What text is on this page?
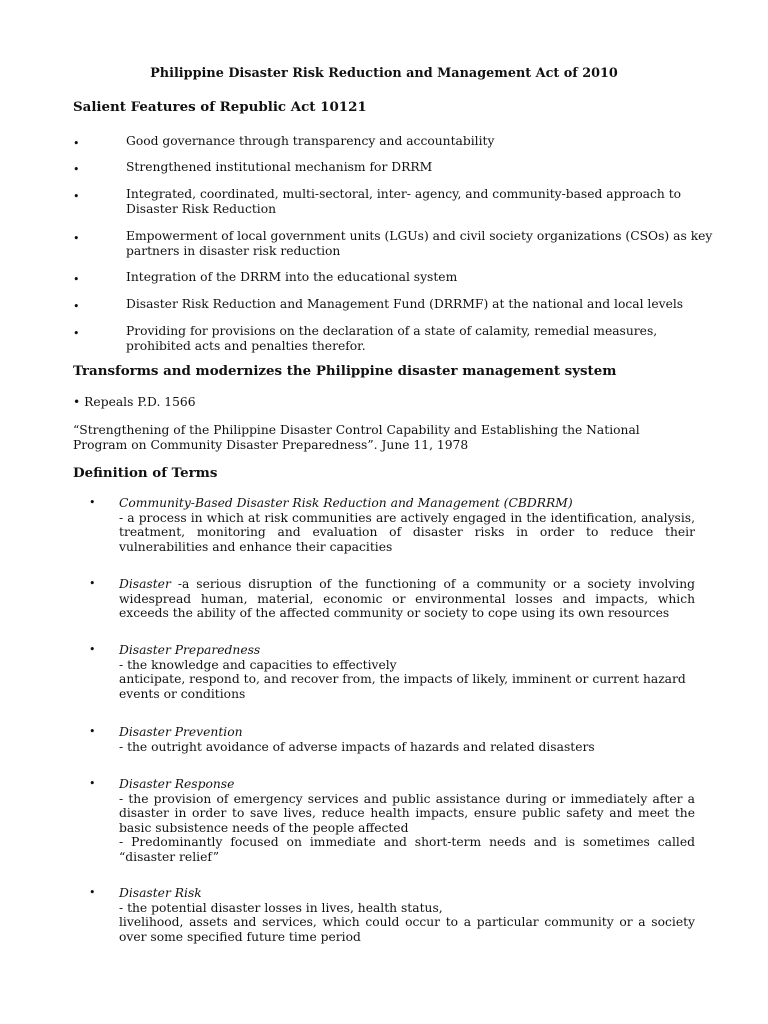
Philippine Disaster Risk Reduction and Management Act of 2010

Salient Features of Republic Act 10121

•	Good governance through transparency and accountability
•	Strengthened institutional mechanism for DRRM
•	Integrated, coordinated, multi-sectoral, inter- agency, and community-based approach to Disaster Risk Reduction
•	Empowerment of local government units (LGUs) and civil society organizations (CSOs) as key partners in disaster risk reduction
•	Integration of the DRRM into the educational system
•	Disaster Risk Reduction and Management Fund (DRRMF) at the national and local levels
•	Providing for provisions on the declaration of a state of calamity, remedial measures, prohibited acts and penalties therefor.

Transforms and modernizes the Philippine disaster management system

• Repeals P.D. 1566

“Strengthening of the Philippine Disaster Control Capability and Establishing the National Program on Community Disaster Preparedness”. June 11, 1978

Definition of Terms

• Community-Based Disaster Risk Reduction and Management (CBDRRM)
- a process in which at risk communities are actively engaged in the identification, analysis, treatment, monitoring and evaluation of disaster risks in order to reduce their vulnerabilities and enhance their capacities
• Disaster -a serious disruption of the functioning of a community or a society involving widespread human, material, economic or environmental losses and impacts, which exceeds the ability of the affected community or society to cope using its own resources
• Disaster Preparedness
- the knowledge and capacities to effectively
anticipate, respond to, and recover from, the impacts of likely, imminent or current hazard events or conditions
• Disaster Prevention
- the outright avoidance of adverse impacts of hazards and related disasters
• Disaster Response
- the provision of emergency services and public assistance during or immediately after a disaster in order to save lives, reduce health impacts, ensure public safety and meet the basic subsistence needs of the people affected
- Predominantly focused on immediate and short-term needs and is sometimes called “disaster relief”
• Disaster Risk
- the potential disaster losses in lives, health status,
livelihood, assets and services, which could occur to a particular community or a society over some specified future time period
